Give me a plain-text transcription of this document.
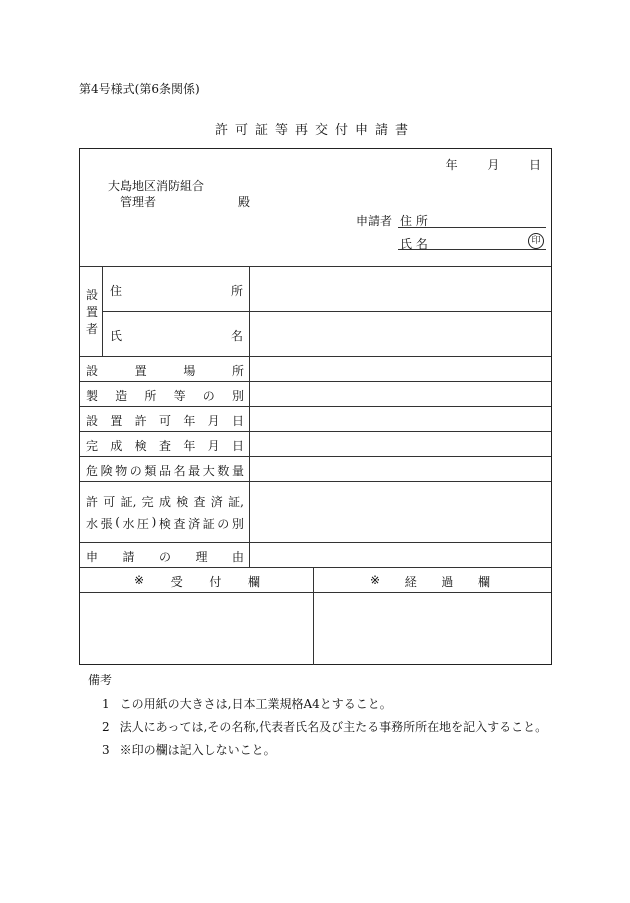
第4号様式(第6条関係)
許可証等再交付申請書
年 月 日
大島地区消防組合
管理者	殿
申請者 住 所
氏 名	印
設
置
者
住	所
氏	名
設	置	場	所
製 造 所 等 の 別
設 置 許 可 年 月 日
完 成 検 査 年 月 日
危 険 物 の 類 品 名 最 大 数 量
許 可 証, 完 成 検 査 済 証,
水 張 ( 水 圧 ) 検 査 済 証 の 別
申 請 の 理 由
※ 受 付 欄	※ 経 過 欄
備考
1 この用紙の大きさは,日本工業規格A4とすること。
2 法人にあっては,その名称,代表者氏名及び主たる事務所所在地を記入すること。
3 ※印の欄は記入しないこと。
